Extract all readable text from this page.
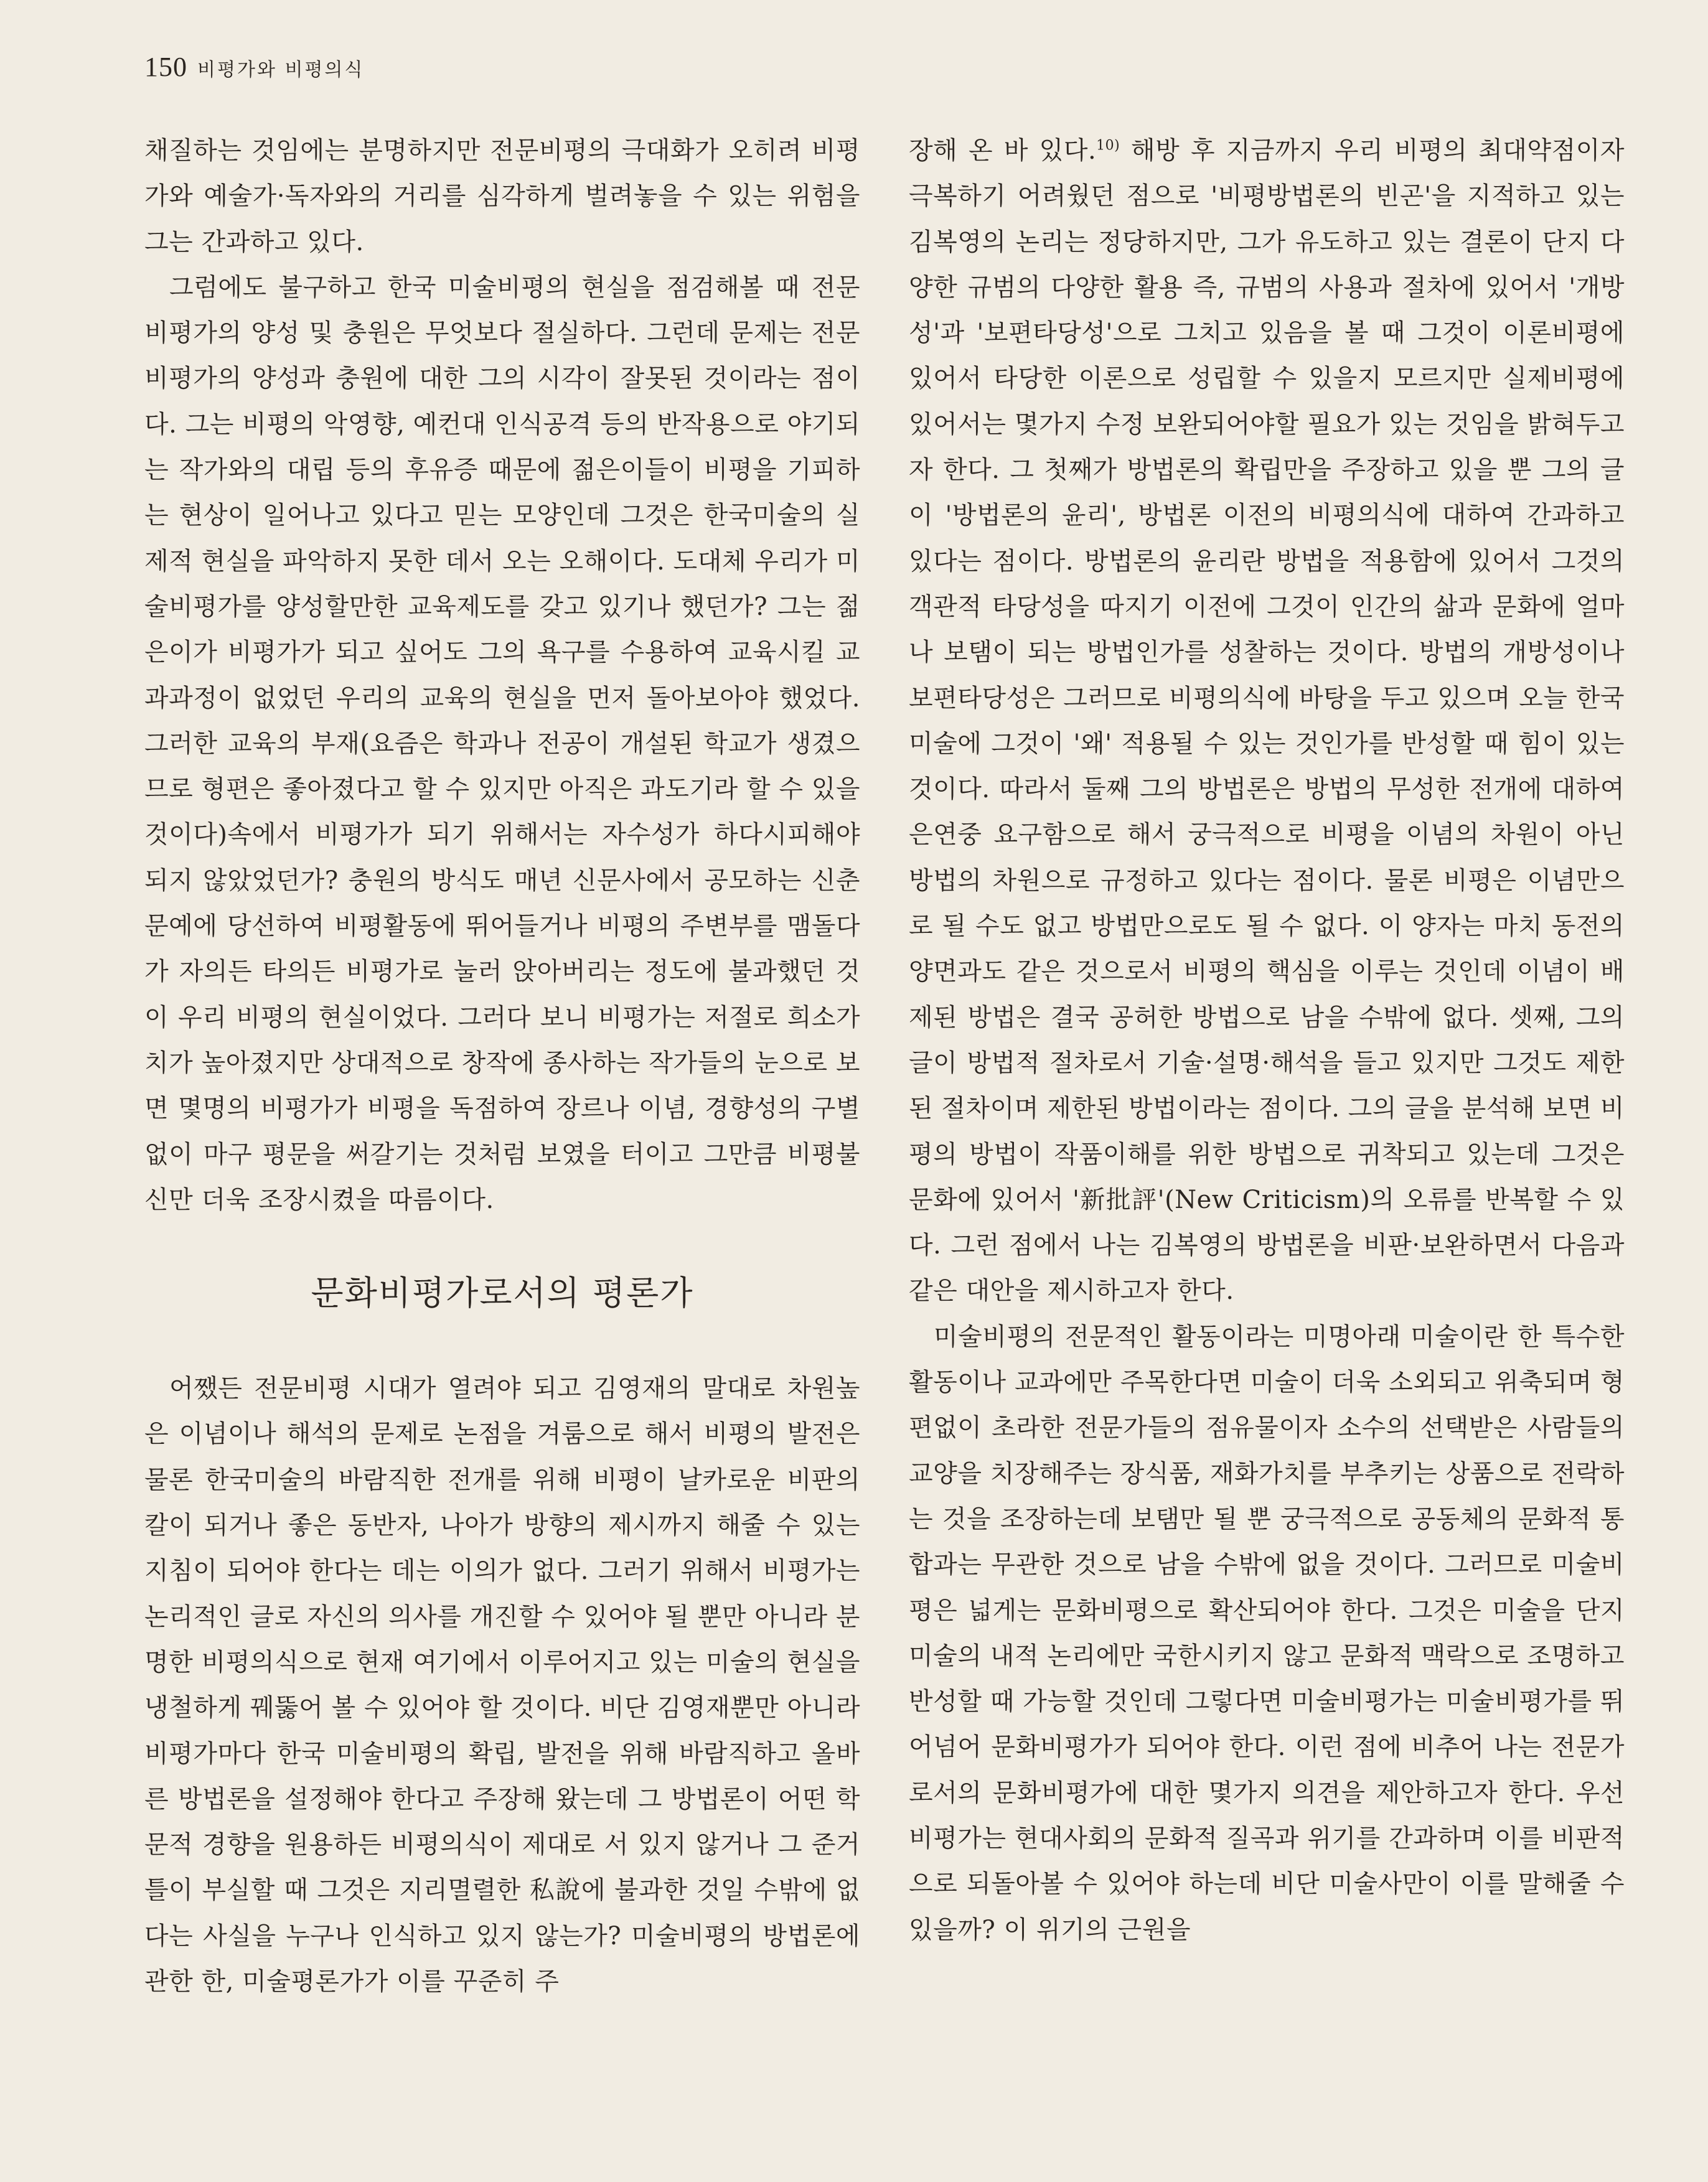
150 비평가와 비평의식

채질하는 것임에는 분명하지만 전문비평의 극대화가 오히려 비평가와 예술가·독자와의 거리를 심각하게 벌려놓을 수 있는 위험을 그는 간과하고 있다.

그럼에도 불구하고 한국 미술비평의 현실을 점검해볼 때 전문비평가의 양성 및 충원은 무엇보다 절실하다. 그런데 문제는 전문비평가의 양성과 충원에 대한 그의 시각이 잘못된 것이라는 점이다. 그는 비평의 악영향, 예컨대 인식공격 등의 반작용으로 야기되는 작가와의 대립 등의 후유증 때문에 젊은이들이 비평을 기피하는 현상이 일어나고 있다고 믿는 모양인데 그것은 한국미술의 실제적 현실을 파악하지 못한 데서 오는 오해이다. 도대체 우리가 미술비평가를 양성할만한 교육제도를 갖고 있기나 했던가? 그는 젊은이가 비평가가 되고 싶어도 그의 욕구를 수용하여 교육시킬 교과과정이 없었던 우리의 교육의 현실을 먼저 돌아보아야 했었다. 그러한 교육의 부재(요즘은 학과나 전공이 개설된 학교가 생겼으므로 형편은 좋아졌다고 할 수 있지만 아직은 과도기라 할 수 있을 것이다)속에서 비평가가 되기 위해서는 자수성가 하다시피해야 되지 않았었던가? 충원의 방식도 매년 신문사에서 공모하는 신춘문예에 당선하여 비평활동에 뛰어들거나 비평의 주변부를 맴돌다가 자의든 타의든 비평가로 눌러 앉아버리는 정도에 불과했던 것이 우리 비평의 현실이었다. 그러다 보니 비평가는 저절로 희소가치가 높아졌지만 상대적으로 창작에 종사하는 작가들의 눈으로 보면 몇명의 비평가가 비평을 독점하여 장르나 이념, 경향성의 구별없이 마구 평문을 써갈기는 것처럼 보였을 터이고 그만큼 비평불신만 더욱 조장시켰을 따름이다.

문화비평가로서의 평론가

어쨌든 전문비평 시대가 열려야 되고 김영재의 말대로 차원높은 이념이나 해석의 문제로 논점을 겨룸으로 해서 비평의 발전은 물론 한국미술의 바람직한 전개를 위해 비평이 날카로운 비판의 칼이 되거나 좋은 동반자, 나아가 방향의 제시까지 해줄 수 있는 지침이 되어야 한다는 데는 이의가 없다. 그러기 위해서 비평가는 논리적인 글로 자신의 의사를 개진할 수 있어야 될 뿐만 아니라 분명한 비평의식으로 현재 여기에서 이루어지고 있는 미술의 현실을 냉철하게 꿰뚫어 볼 수 있어야 할 것이다. 비단 김영재뿐만 아니라 비평가마다 한국 미술비평의 확립, 발전을 위해 바람직하고 올바른 방법론을 설정해야 한다고 주장해 왔는데 그 방법론이 어떤 학문적 경향을 원용하든 비평의식이 제대로 서 있지 않거나 그 준거틀이 부실할 때 그것은 지리멸렬한 私說에 불과한 것일 수밖에 없다는 사실을 누구나 인식하고 있지 않는가? 미술비평의 방법론에 관한 한, 미술평론가가 이를 꾸준히 주

장해 온 바 있다.$^{10)}$ 해방 후 지금까지 우리 비평의 최대약점이자 극복하기 어려웠던 점으로 '비평방법론의 빈곤'을 지적하고 있는 김복영의 논리는 정당하지만, 그가 유도하고 있는 결론이 단지 다양한 규범의 다양한 활용 즉, 규범의 사용과 절차에 있어서 '개방성'과 '보편타당성'으로 그치고 있음을 볼 때 그것이 이론비평에 있어서 타당한 이론으로 성립할 수 있을지 모르지만 실제비평에 있어서는 몇가지 수정 보완되어야할 필요가 있는 것임을 밝혀두고자 한다. 그 첫째가 방법론의 확립만을 주장하고 있을 뿐 그의 글이 '방법론의 윤리', 방법론 이전의 비평의식에 대하여 간과하고 있다는 점이다. 방법론의 윤리란 방법을 적용함에 있어서 그것의 객관적 타당성을 따지기 이전에 그것이 인간의 삶과 문화에 얼마나 보탬이 되는 방법인가를 성찰하는 것이다. 방법의 개방성이나 보편타당성은 그러므로 비평의식에 바탕을 두고 있으며 오늘 한국미술에 그것이 '왜' 적용될 수 있는 것인가를 반성할 때 힘이 있는 것이다. 따라서 둘째 그의 방법론은 방법의 무성한 전개에 대하여 은연중 요구함으로 해서 궁극적으로 비평을 이념의 차원이 아닌 방법의 차원으로 규정하고 있다는 점이다. 물론 비평은 이념만으로 될 수도 없고 방법만으로도 될 수 없다. 이 양자는 마치 동전의 양면과도 같은 것으로서 비평의 핵심을 이루는 것인데 이념이 배제된 방법은 결국 공허한 방법으로 남을 수밖에 없다. 셋째, 그의 글이 방법적 절차로서 기술·설명·해석을 들고 있지만 그것도 제한된 절차이며 제한된 방법이라는 점이다. 그의 글을 분석해 보면 비평의 방법이 작품이해를 위한 방법으로 귀착되고 있는데 그것은 문화에 있어서 '新批評'(New Criticism)의 오류를 반복할 수 있다. 그런 점에서 나는 김복영의 방법론을 비판·보완하면서 다음과 같은 대안을 제시하고자 한다.

미술비평의 전문적인 활동이라는 미명아래 미술이란 한 특수한 활동이나 교과에만 주목한다면 미술이 더욱 소외되고 위축되며 형편없이 초라한 전문가들의 점유물이자 소수의 선택받은 사람들의 교양을 치장해주는 장식품, 재화가치를 부추키는 상품으로 전락하는 것을 조장하는데 보탬만 될 뿐 궁극적으로 공동체의 문화적 통합과는 무관한 것으로 남을 수밖에 없을 것이다. 그러므로 미술비평은 넓게는 문화비평으로 확산되어야 한다. 그것은 미술을 단지 미술의 내적 논리에만 국한시키지 않고 문화적 맥락으로 조명하고 반성할 때 가능할 것인데 그렇다면 미술비평가는 미술비평가를 뛰어넘어 문화비평가가 되어야 한다. 이런 점에 비추어 나는 전문가로서의 문화비평가에 대한 몇가지 의견을 제안하고자 한다. 우선 비평가는 현대사회의 문화적 질곡과 위기를 간과하며 이를 비판적으로 되돌아볼 수 있어야 하는데 비단 미술사만이 이를 말해줄 수 있을까? 이 위기의 근원을
